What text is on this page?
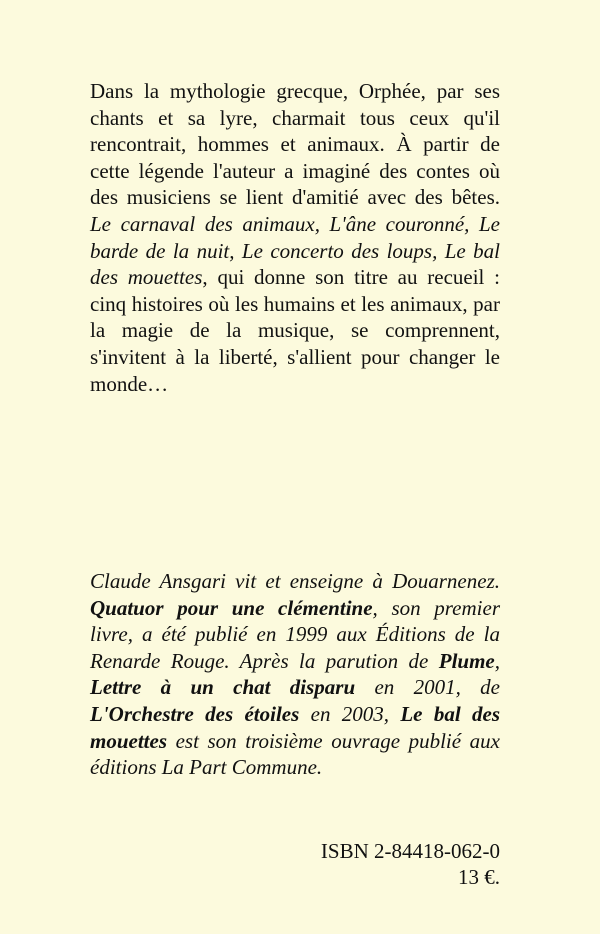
Dans la mythologie grecque, Orphée, par ses chants et sa lyre, charmait tous ceux qu'il rencontrait, hommes et animaux. À partir de cette légende l'auteur a imaginé des contes où des musiciens se lient d'amitié avec des bêtes. Le carnaval des animaux, L'âne couronné, Le barde de la nuit, Le concerto des loups, Le bal des mouettes, qui donne son titre au recueil : cinq histoires où les humains et les animaux, par la magie de la musique, se comprennent, s'invitent à la liberté, s'allient pour changer le monde…

Claude Ansgari vit et enseigne à Douarnenez. Quatuor pour une clémentine, son premier livre, a été publié en 1999 aux Éditions de la Renarde Rouge. Après la parution de Plume, Lettre à un chat disparu en 2001, de L'Orchestre des étoiles en 2003, Le bal des mouettes est son troisième ouvrage publié aux éditions La Part Commune.

ISBN 2-84418-062-0
13 €.
